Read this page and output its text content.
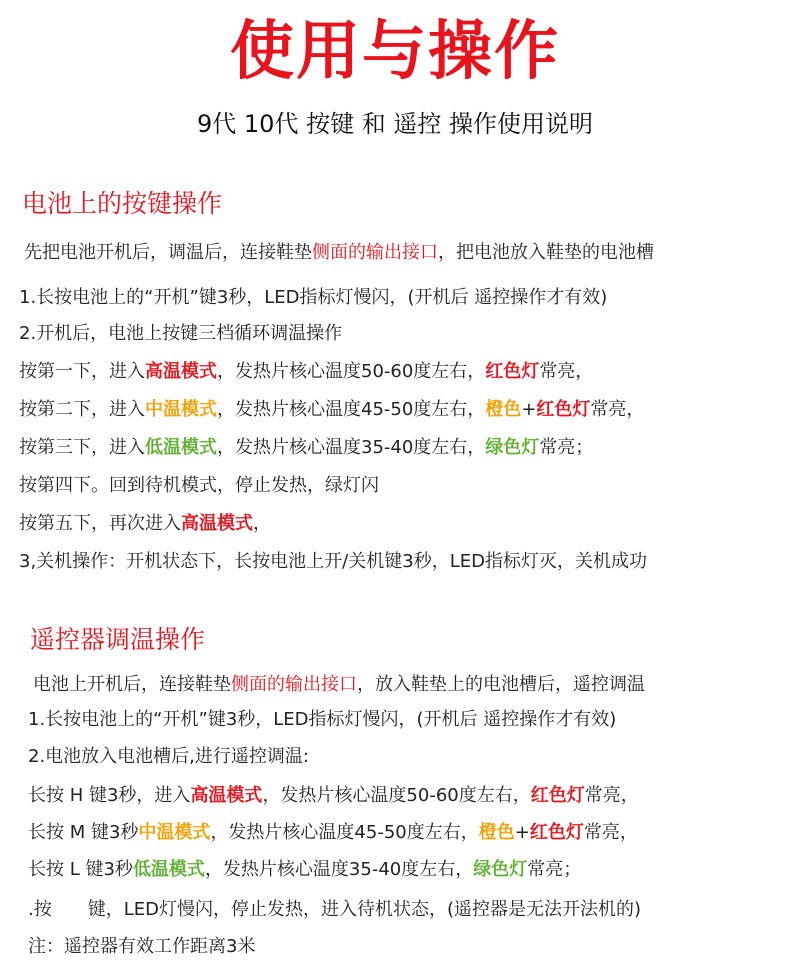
使用与操作
9代 10代 按键 和 遥控 操作使用说明
电池上的按键操作
先把电池开机后，调温后，连接鞋垫侧面的输出接口，把电池放入鞋垫的电池槽
1.长按电池上的“开机”键3秒，LED指标灯慢闪，(开机后 遥控操作才有效)
2.开机后，电池上按键三档循环调温操作
按第一下，进入高温模式，发热片核心温度50-60度左右，红色灯常亮，
按第二下，进入中温模式，发热片核心温度45-50度左右，橙色+红色灯常亮，
按第三下，进入低温模式，发热片核心温度35-40度左右，绿色灯常亮；
按第四下。回到待机模式，停止发热，绿灯闪
按第五下，再次进入高温模式，
3,关机操作：开机状态下，长按电池上开/关机键3秒，LED指标灯灭，关机成功
遥控器调温操作
电池上开机后，连接鞋垫侧面的输出接口，放入鞋垫上的电池槽后，遥控调温
1.长按电池上的“开机”键3秒，LED指标灯慢闪，(开机后 遥控操作才有效)
2.电池放入电池槽后,进行遥控调温:
长按 H 键3秒，进入高温模式，发热片核心温度50-60度左右，红色灯常亮，
长按 M 键3秒中温模式，发热片核心温度45-50度左右，橙色+红色灯常亮，
长按 L 键3秒低温模式，发热片核心温度35-40度左右，绿色灯常亮；
.按　　键，LED灯慢闪，停止发热，进入待机状态，(遥控器是无法开法机的)
注：遥控器有效工作距离3米
